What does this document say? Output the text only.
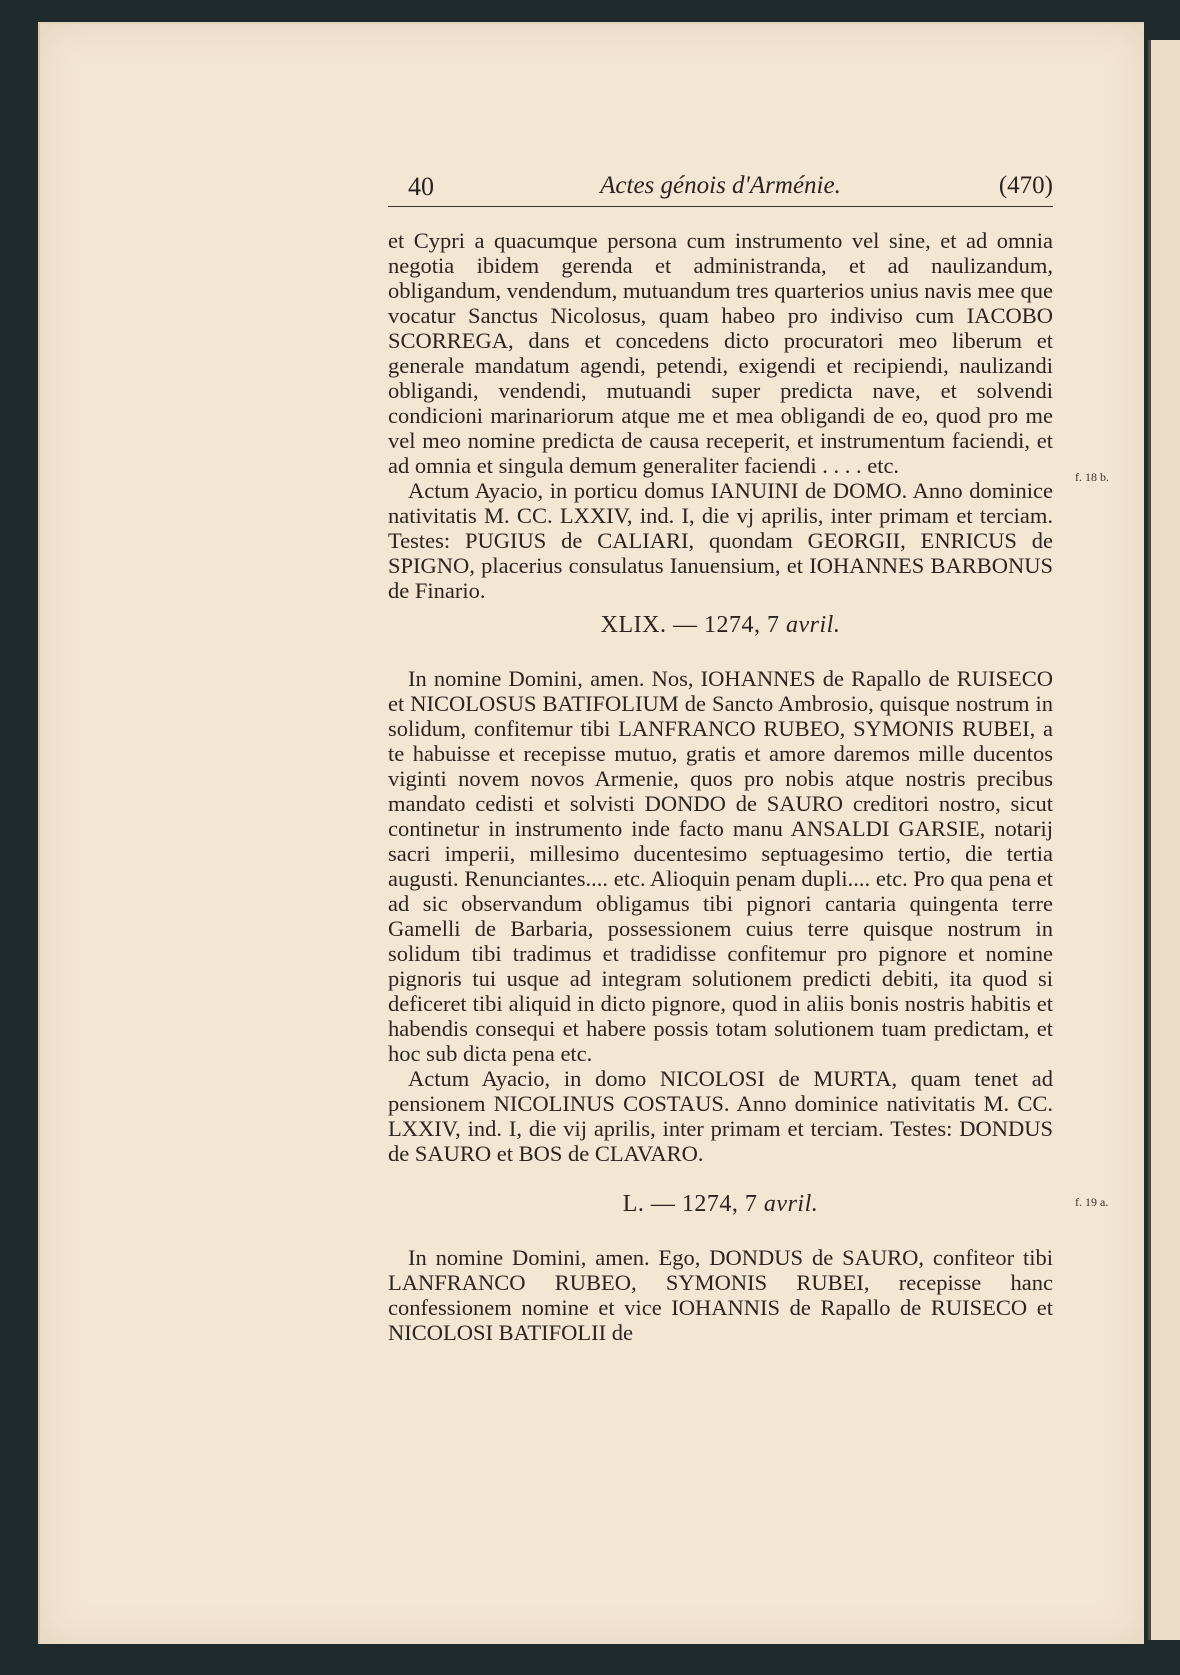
40	Actes génois d'Arménie.	(470)
f. 18 b.
f. 19 a.

et Cypri a quacumque persona cum instrumento vel sine, et ad omnia negotia ibidem gerenda et administranda, et ad naulizandum, obligandum, vendendum, mutuandum tres quarterios unius navis mee que vocatur Sanctus Nicolosus, quam habeo pro indiviso cum IACOBO SCORREGA, dans et concedens dicto procuratori meo liberum et generale mandatum agendi, petendi, exigendi et recipiendi, naulizandi obligandi, vendendi, mutuandi super predicta nave, et solvendi condicioni marinariorum atque me et mea obligandi de eo, quod pro me vel meo nomine predicta de causa receperit, et instrumentum faciendi, et ad omnia et singula demum generaliter faciendi . . . . etc.

Actum Ayacio, in porticu domus IANUINI de DOMO. Anno dominice nativitatis M. CC. LXXIV, ind. I, die vj aprilis, inter primam et terciam. Testes: PUGIUS de CALIARI, quondam GEORGII, ENRICUS de SPIGNO, placerius consulatus Ianuensium, et IOHANNES BARBONUS de Finario.

XLIX. — 1274, 7 avril.

In nomine Domini, amen. Nos, IOHANNES de Rapallo de RUISECO et NICOLOSUS BATIFOLIUM de Sancto Ambrosio, quisque nostrum in solidum, confitemur tibi LANFRANCO RUBEO, SYMONIS RUBEI, a te habuisse et recepisse mutuo, gratis et amore daremos mille ducentos viginti novem novos Armenie, quos pro nobis atque nostris precibus mandato cedisti et solvisti DONDO de SAURO creditori nostro, sicut continetur in instrumento inde facto manu ANSALDI GARSIE, notarij sacri imperii, millesimo ducentesimo septuagesimo tertio, die tertia augusti. Renunciantes.... etc. Alioquin penam dupli.... etc. Pro qua pena et ad sic observandum obligamus tibi pignori cantaria quingenta terre Gamelli de Barbaria, possessionem cuius terre quisque nostrum in solidum tibi tradimus et tradidisse confitemur pro pignore et nomine pignoris tui usque ad integram solutionem predicti debiti, ita quod si deficeret tibi aliquid in dicto pignore, quod in aliis bonis nostris habitis et habendis consequi et habere possis totam solutionem tuam predictam, et hoc sub dicta pena etc.

Actum Ayacio, in domo NICOLOSI de MURTA, quam tenet ad pensionem NICOLINUS COSTAUS. Anno dominice nativitatis M. CC. LXXIV, ind. I, die vij aprilis, inter primam et terciam. Testes: DONDUS de SAURO et BOS de CLAVARO.

L. — 1274, 7 avril.

In nomine Domini, amen. Ego, DONDUS de SAURO, confiteor tibi LANFRANCO RUBEO, SYMONIS RUBEI, recepisse hanc confessionem nomine et vice IOHANNIS de Rapallo de RUISECO et NICOLOSI BATIFOLII de
